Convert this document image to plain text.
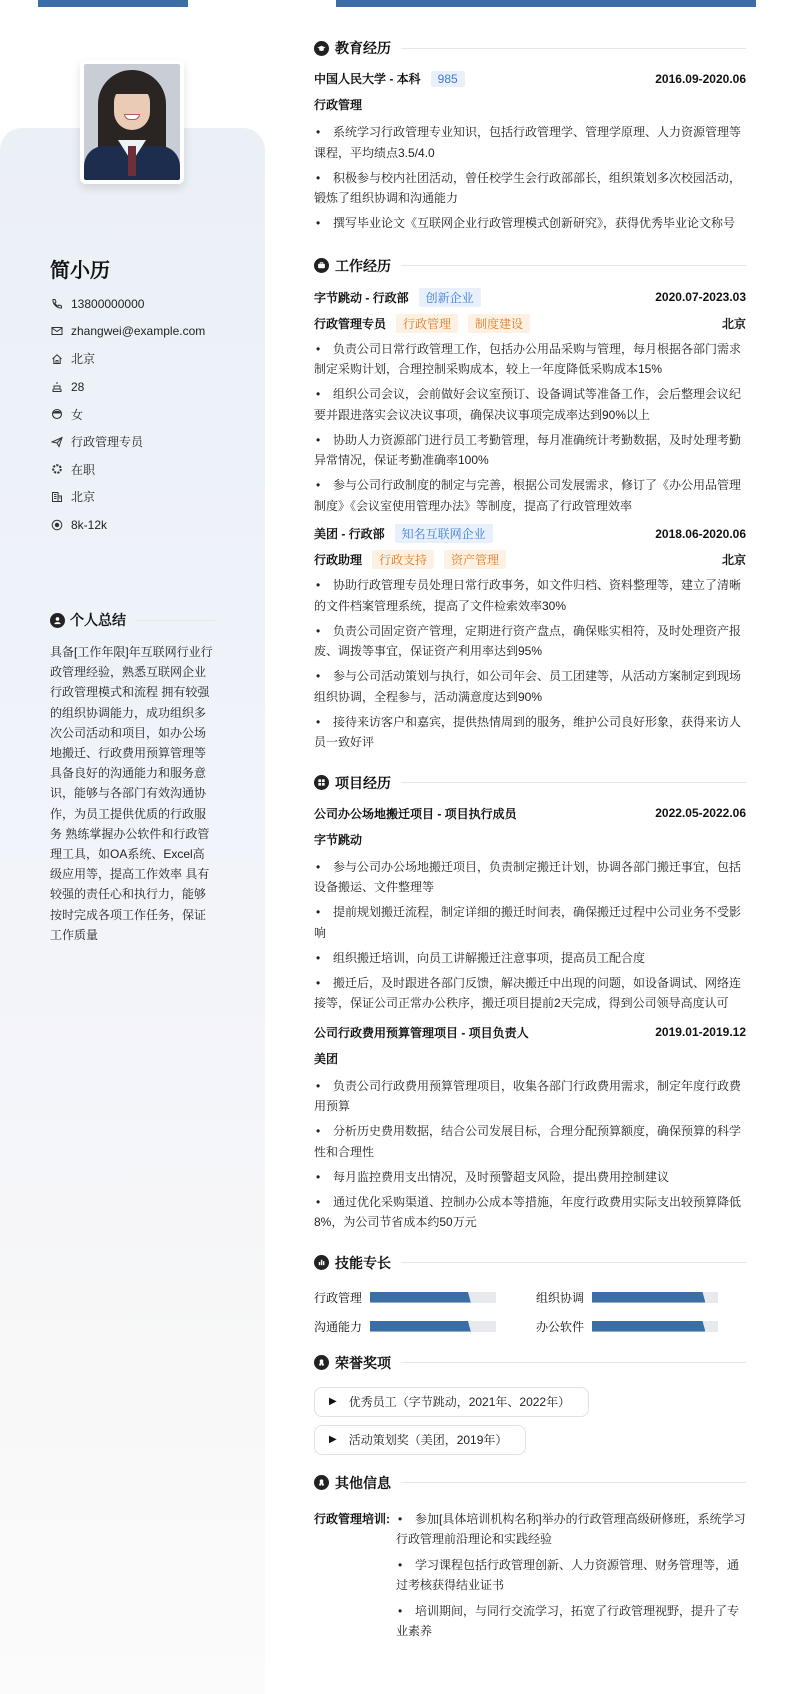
简小历
13800000000
zhangwei@example.com
北京
28
女
行政管理专员
在职
北京
8k-12k
个人总结
具备[工作年限]年互联网行业行政管理经验，熟悉互联网企业行政管理模式和流程 拥有较强的组织协调能力，成功组织多次公司活动和项目，如办公场地搬迁、行政费用预算管理等 具备良好的沟通能力和服务意识，能够与各部门有效沟通协作，为员工提供优质的行政服务 熟练掌握办公软件和行政管理工具，如OA系统、Excel高级应用等，提高工作效率 具有较强的责任心和执行力，能够按时完成各项工作任务，保证工作质量
教育经历
中国人民大学 - 本科	985	2016.09-2020.06
行政管理
• 系统学习行政管理专业知识，包括行政管理学、管理学原理、人力资源管理等课程，平均绩点3.5/4.0
• 积极参与校内社团活动，曾任校学生会行政部部长，组织策划多次校园活动，锻炼了组织协调和沟通能力
• 撰写毕业论文《互联网企业行政管理模式创新研究》，获得优秀毕业论文称号
工作经历
字节跳动 - 行政部	创新企业	2020.07-2023.03
行政管理专员	行政管理	制度建设	北京
• 负责公司日常行政管理工作，包括办公用品采购与管理，每月根据各部门需求制定采购计划，合理控制采购成本，较上一年度降低采购成本15%
• 组织公司会议，会前做好会议室预订、设备调试等准备工作，会后整理会议纪要并跟进落实会议决议事项，确保决议事项完成率达到90%以上
• 协助人力资源部门进行员工考勤管理，每月准确统计考勤数据，及时处理考勤异常情况，保证考勤准确率100%
• 参与公司行政制度的制定与完善，根据公司发展需求，修订了《办公用品管理制度》《会议室使用管理办法》等制度，提高了行政管理效率
美团 - 行政部	知名互联网企业	2018.06-2020.06
行政助理	行政支持	资产管理	北京
• 协助行政管理专员处理日常行政事务，如文件归档、资料整理等，建立了清晰的文件档案管理系统，提高了文件检索效率30%
• 负责公司固定资产管理，定期进行资产盘点，确保账实相符，及时处理资产报废、调拨等事宜，保证资产利用率达到95%
• 参与公司活动策划与执行，如公司年会、员工团建等，从活动方案制定到现场组织协调，全程参与，活动满意度达到90%
• 接待来访客户和嘉宾，提供热情周到的服务，维护公司良好形象，获得来访人员一致好评
项目经历
公司办公场地搬迁项目 - 项目执行成员	2022.05-2022.06
字节跳动
• 参与公司办公场地搬迁项目，负责制定搬迁计划，协调各部门搬迁事宜，包括设备搬运、文件整理等
• 提前规划搬迁流程，制定详细的搬迁时间表，确保搬迁过程中公司业务不受影响
• 组织搬迁培训，向员工讲解搬迁注意事项，提高员工配合度
• 搬迁后，及时跟进各部门反馈，解决搬迁中出现的问题，如设备调试、网络连接等，保证公司正常办公秩序，搬迁项目提前2天完成，得到公司领导高度认可
公司行政费用预算管理项目 - 项目负责人	2019.01-2019.12
美团
• 负责公司行政费用预算管理项目，收集各部门行政费用需求，制定年度行政费用预算
• 分析历史费用数据，结合公司发展目标，合理分配预算额度，确保预算的科学性和合理性
• 每月监控费用支出情况，及时预警超支风险，提出费用控制建议
• 通过优化采购渠道、控制办公成本等措施，年度行政费用实际支出较预算降低8%，为公司节省成本约50万元
技能专长
行政管理	组织协调
沟通能力	办公软件
荣誉奖项
▶ 优秀员工（字节跳动，2021年、2022年）
▶ 活动策划奖（美团，2019年）
其他信息
行政管理培训:	• 参加[具体培训机构名称]举办的行政管理高级研修班，系统学习行政管理前沿理论和实践经验
• 学习课程包括行政管理创新、人力资源管理、财务管理等，通过考核获得结业证书
• 培训期间，与同行交流学习，拓宽了行政管理视野，提升了专业素养
